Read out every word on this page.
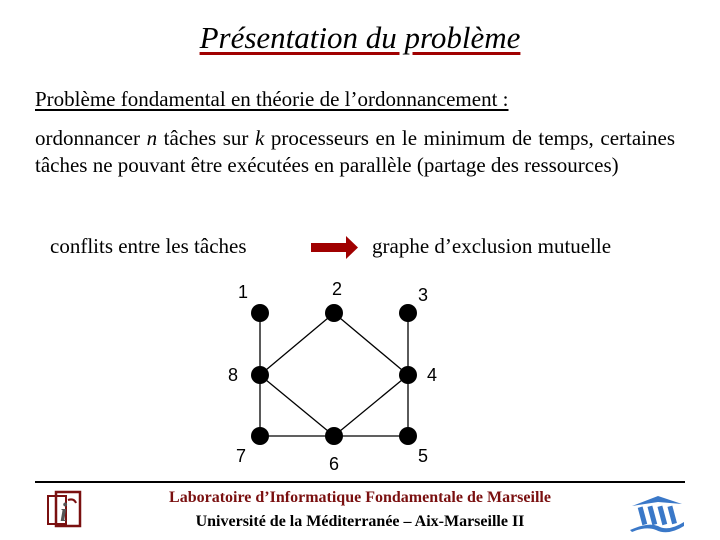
Présentation du problème
Problème fondamental en théorie de l’ordonnancement :
ordonnancer n tâches sur k processeurs en le minimum de temps, certaines tâches ne pouvant être exécutées en parallèle (partage des ressources)
conflits entre les tâches
1	2	3
4
5
6
7
8
graphe d’exclusion mutuelle
i
Laboratoire d’Informatique Fondamentale de Marseille
Université de la Méditerranée – Aix-Marseille II
